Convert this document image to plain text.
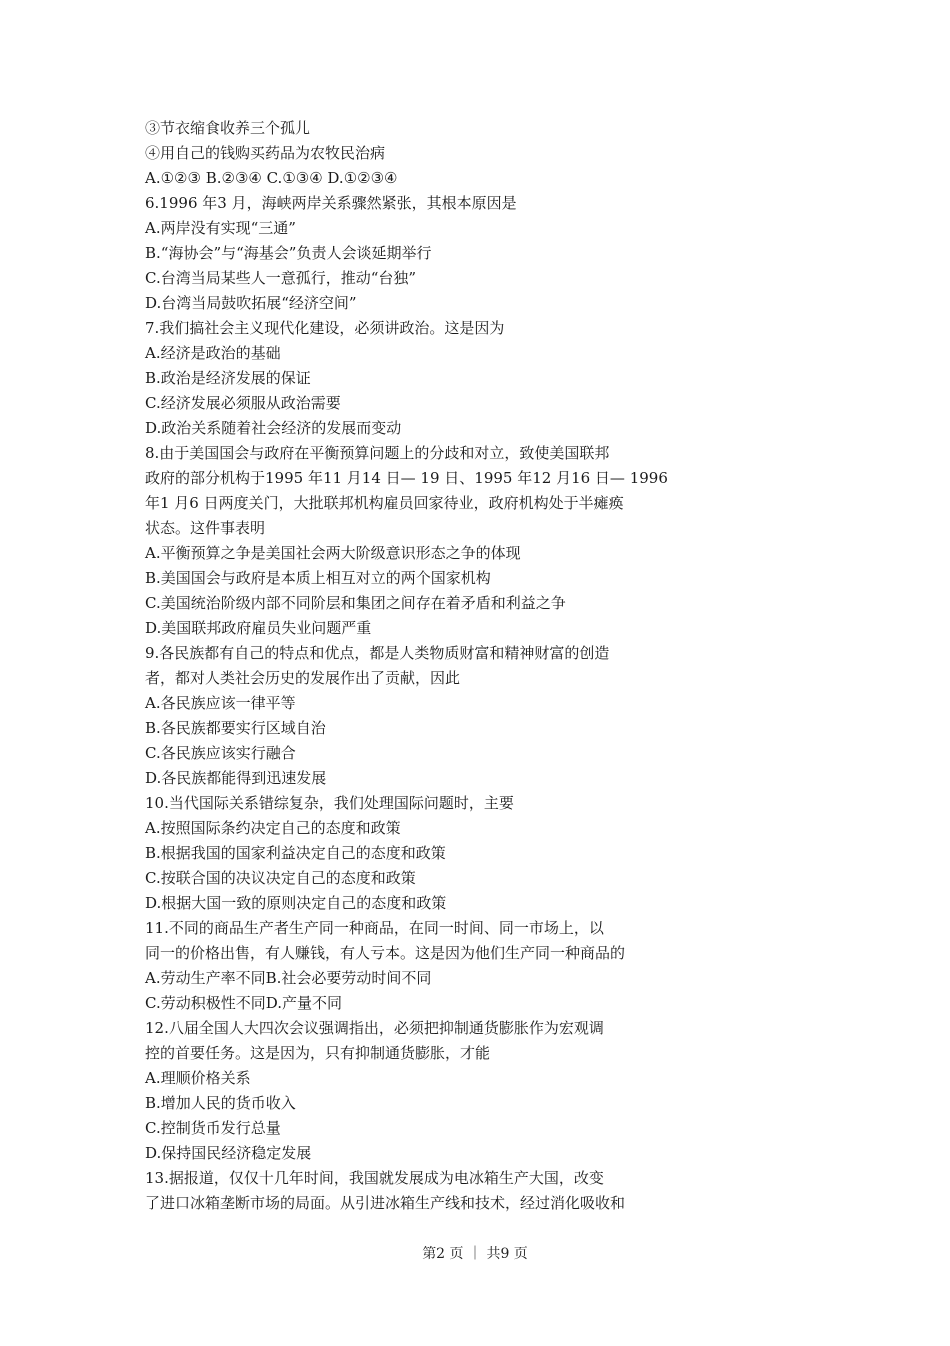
③节衣缩食收养三个孤儿
④用自己的钱购买药品为农牧民治病
A.①②③ B.②③④ C.①③④ D.①②③④
6.1996 年3 月，海峡两岸关系骤然紧张，其根本原因是
A.两岸没有实现“三通”
B.“海协会”与“海基会”负责人会谈延期举行
C.台湾当局某些人一意孤行，推动“台独”
D.台湾当局鼓吹拓展“经济空间”
7.我们搞社会主义现代化建设，必须讲政治。这是因为
A.经济是政治的基础
B.政治是经济发展的保证
C.经济发展必须服从政治需要
D.政治关系随着社会经济的发展而变动
8.由于美国国会与政府在平衡预算问题上的分歧和对立，致使美国联邦
政府的部分机构于1995 年11 月14 日— 19 日、1995 年12 月16 日— 1996
年1 月6 日两度关门，大批联邦机构雇员回家待业，政府机构处于半瘫痪
状态。这件事表明
A.平衡预算之争是美国社会两大阶级意识形态之争的体现
B.美国国会与政府是本质上相互对立的两个国家机构
C.美国统治阶级内部不同阶层和集团之间存在着矛盾和利益之争
D.美国联邦政府雇员失业问题严重
9.各民族都有自己的特点和优点，都是人类物质财富和精神财富的创造
者，都对人类社会历史的发展作出了贡献，因此
A.各民族应该一律平等
B.各民族都要实行区域自治
C.各民族应该实行融合
D.各民族都能得到迅速发展
10.当代国际关系错综复杂，我们处理国际问题时，主要
A.按照国际条约决定自己的态度和政策
B.根据我国的国家利益决定自己的态度和政策
C.按联合国的决议决定自己的态度和政策
D.根据大国一致的原则决定自己的态度和政策
11.不同的商品生产者生产同一种商品，在同一时间、同一市场上，以
同一的价格出售，有人赚钱，有人亏本。这是因为他们生产同一种商品的
A.劳动生产率不同B.社会必要劳动时间不同
C.劳动积极性不同D.产量不同
12.八届全国人大四次会议强调指出，必须把抑制通货膨胀作为宏观调
控的首要任务。这是因为，只有抑制通货膨胀，才能
A.理顺价格关系
B.增加人民的货币收入
C.控制货币发行总量
D.保持国民经济稳定发展
13.据报道，仅仅十几年时间，我国就发展成为电冰箱生产大国，改变
了进口冰箱垄断市场的局面。从引进冰箱生产线和技术，经过消化吸收和
第2 页 ｜ 共9 页
